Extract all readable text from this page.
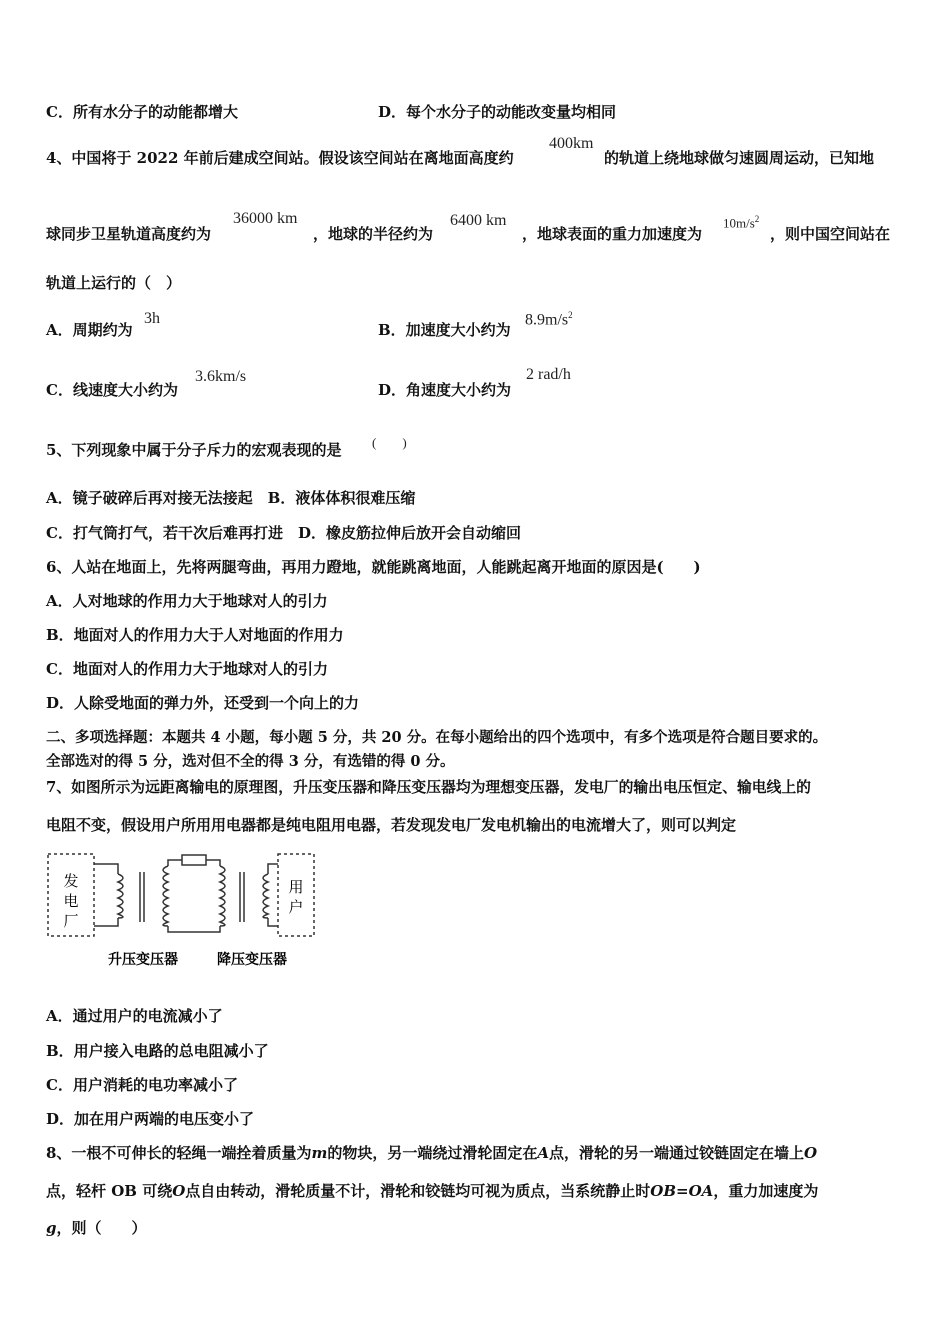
C．所有水分子的动能都增大	D．每个水分子的动能改变量均相同
4、中国将于 2022 年前后建成空间站。假设该空间站在离地面高度约
400km
的轨道上绕地球做匀速圆周运动，已知地
球同步卫星轨道高度约为
36000 km
，地球的半径约为
6400 km
，地球表面的重力加速度为
$10m/s^2$
，则中国空间站在
轨道上运行的（　）
A．周期约为
3h
B．加速度大小约为
$8.9m/s^2$
C．线速度大小约为
3.6km/s
D．角速度大小约为
2 rad/h
5、下列现象中属于分子斥力的宏观表现的是 (　　)
A．镜子破碎后再对接无法接起　B．液体体积很难压缩
C．打气筒打气，若干次后难再打进　D．橡皮筋拉伸后放开会自动缩回
6、人站在地面上，先将两腿弯曲，再用力蹬地，就能跳离地面，人能跳起离开地面的原因是(　　)
A．人对地球的作用力大于地球对人的引力
B．地面对人的作用力大于人对地面的作用力
C．地面对人的作用力大于地球对人的引力
D．人除受地面的弹力外，还受到一个向上的力
二、多项选择题：本题共 4 小题，每小题 5 分，共 20 分。在每小题给出的四个选项中，有多个选项是符合题目要求的。
全部选对的得 5 分，选对但不全的得 3 分，有选错的得 0 分。
7、如图所示为远距离输电的原理图，升压变压器和降压变压器均为理想变压器，发电厂的输出电压恒定、输电线上的
电阻不变，假设用户所用用电器都是纯电阻用电器，若发现发电厂发电机输出的电流增大了，则可以判定
发
电
厂
用
户
升压变压器	降压变压器
A．通过用户的电流减小了
B．用户接入电路的总电阻减小了
C．用户消耗的电功率减小了
D．加在用户两端的电压变小了
8、一根不可伸长的轻绳一端拴着质量为m的物块，另一端绕过滑轮固定在A点，滑轮的另一端通过铰链固定在墙上O
点，轻杆 OB 可绕O点自由转动，滑轮质量不计，滑轮和铰链均可视为质点，当系统静止时OB=OA，重力加速度为
g，则（　　）
